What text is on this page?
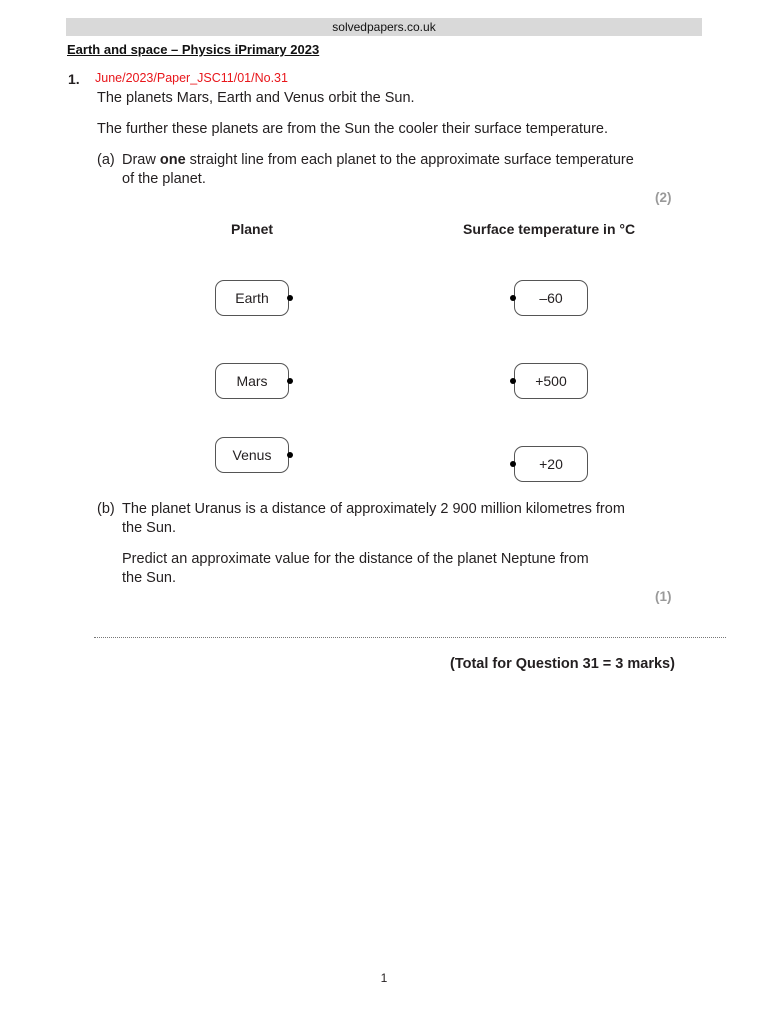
solvedpapers.co.uk
Earth and space – Physics iPrimary 2023
1. June/2023/Paper_JSC11/01/No.31
The planets Mars, Earth and Venus orbit the Sun.
The further these planets are from the Sun the cooler their surface temperature.
(a) Draw one straight line from each planet to the approximate surface temperature
of the planet.
(2)
Planet	Surface temperature in °C
Earth
Mars
Venus
–60
+500
+20
(b) The planet Uranus is a distance of approximately 2 900 million kilometres from
the Sun.
Predict an approximate value for the distance of the planet Neptune from
the Sun.
(1)
(Total for Question 31 = 3 marks)
1
